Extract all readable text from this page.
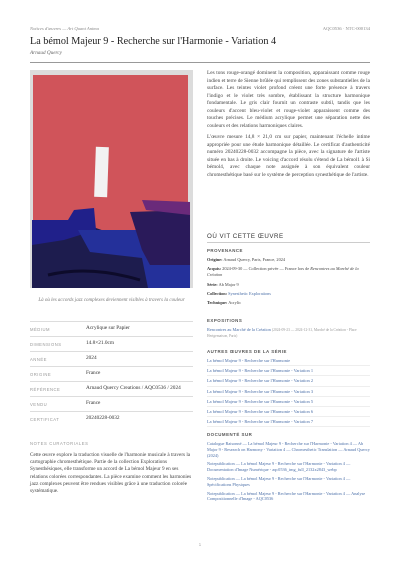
Notices d'œuvres — Art Quant Anima	AQC0536 · NTC-000134
La bémol Majeur 9 - Recherche sur l'Harmonie - Variation 4
Arnaud Quercy
Là où les accords jazz complexes deviennent visibles à travers la couleur
MÉDIUM	Acrylique sur Papier
DIMENSIONS	14.8×21.0cm
ANNÉE	2024
ORIGINE	France
RÉFÉRENCE	Arnaud Quercy Creations / AQC0536 / 2024
VENDU	France
CERTIFICAT	20240228-0032
NOTES CURATORIALES
Cette œuvre explore la traduction visuelle de l'harmonie musicale à travers la cartographie chromesthétique. Partie de la collection Explorations Synesthésiques, elle transforme un accord de La bémol Majeur 9 en ses relations colorées correspondantes. La pièce examine comment les harmonies jazz complexes peuvent être rendues visibles grâce à une traduction colorée systématique.

Les tons rouge-orangé dominent la composition, apparaissant comme rouge indien et terre de Sienne brûlée qui remplissent des zones substantielles de la surface. Les teintes violet profond créent une forte présence à travers l'indigo et le violet très sombre, établissant la structure harmonique fondamentale. Le gris clair fournit un contraste subtil, tandis que les couleurs d'accent bleu-violet et rouge-violet apparaissent comme des touches précises. Le médium acrylique permet une séparation nette des couleurs et des relations harmoniques claires.

L'œuvre mesure 14,8 × 21,0 cm sur papier, maintenant l'échelle intime appropriée pour une étude harmonique détaillée. Le certificat d'authenticité numéro 20240228-0032 accompagne la pièce, avec la signature de l'artiste située en bas à droite. Le voicing d'accord résolu s'étend de La bémol1 à Si bémol4, avec chaque note assignée à son équivalent couleur chromesthétique basé sur le système de perception synesthétique de l'artiste.

OÙ VIT CETTE ŒUVRE
PROVENANCE
Origine: Arnaud Quercy, Paris, France, 2024
Acquis: 2024-09-30 — Collection privée — France lors de Rencontres au Marché de la Création
Série: Ab Major 9
Collection: Synesthetic Explorations
Technique: Acrylic
EXPOSITIONS
Rencontres au Marché de la Création (2024-09-23 — 2024-12-31, Marché de la Création - Place Hertgemaison, Paris)
AUTRES ŒUVRES DE LA SÉRIE
La bémol Majeur 9 - Recherche sur l'Harmonie
La bémol Majeur 9 - Recherche sur l'Harmonie - Variation 1
La bémol Majeur 9 - Recherche sur l'Harmonie - Variation 2
La bémol Majeur 9 - Recherche sur l'Harmonie - Variation 3
La bémol Majeur 9 - Recherche sur l'Harmonie - Variation 5
La bémol Majeur 9 - Recherche sur l'Harmonie - Variation 6
La bémol Majeur 9 - Recherche sur l'Harmonie - Variation 7
DOCUMENTÉ SUR
Catalogue Raisonné — La bémol Majeur 9 - Recherche sur l'Harmonie - Variation 4 — Ab Major 9 - Research on Harmony - Variation 4 — Chromesthetic Translation — Arnaud Quercy (2024)
Notepublication — La bémol Majeur 9 - Recherche sur l'Harmonie - Variation 4 — Documentation d'Image Numérique - aqc0536_img_full_2132x2843_webp
Notepublication — La bémol Majeur 9 - Recherche sur l'Harmonie - Variation 4 — Spécifications Physiques
Notepublication — La bémol Majeur 9 - Recherche sur l'Harmonie - Variation 4 — Analyse Compositionnelle d'Image - AQC0536
1
